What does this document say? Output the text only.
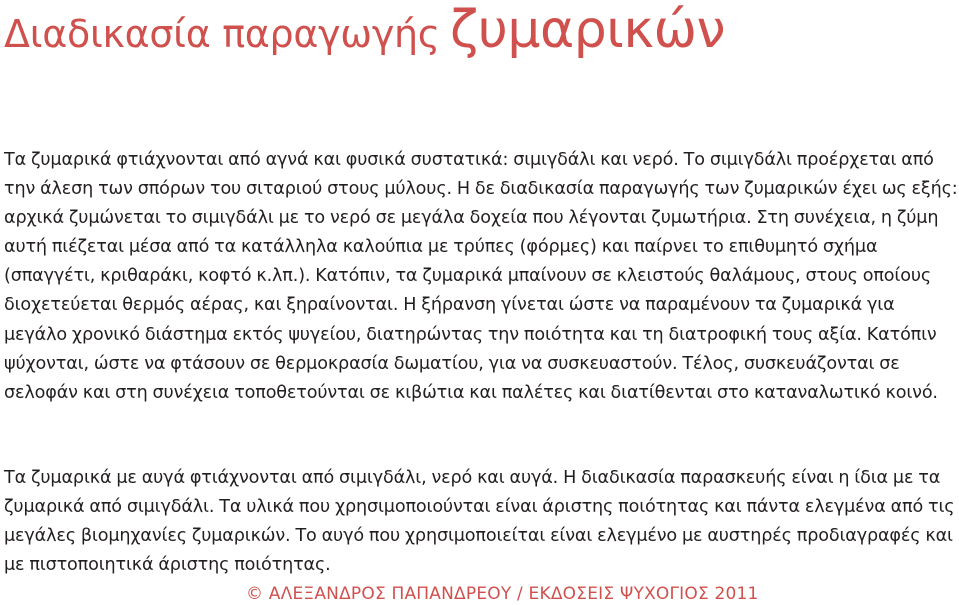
Διαδικασία παραγωγής ζυμαρικών

Τα ζυμαρικά φτιάχνονται από αγνά και φυσικά συστατικά: σιμιγδάλι και νερό. Το σιμιγδάλι προέρχεται από την άλεση των σπόρων του σιταριού στους μύλους. Η δε διαδικασία παραγωγής των ζυμαρικών έχει ως εξής: αρχικά ζυμώνεται το σιμιγδάλι με το νερό σε μεγάλα δοχεία που λέγονται ζυμωτήρια. Στη συνέχεια, η ζύμη αυτή πιέζεται μέσα από τα κατάλληλα καλούπια με τρύπες (φόρμες) και παίρνει το επιθυμητό σχήμα (σπαγγέτι, κριθαράκι, κοφτό κ.λπ.). Κατόπιν, τα ζυμαρικά μπαίνουν σε κλειστούς θαλάμους, στους οποίους διοχετεύεται θερμός αέρας, και ξηραίνονται. Η ξήρανση γίνεται ώστε να παραμένουν τα ζυμαρικά για μεγάλο χρονικό διάστημα εκτός ψυγείου, διατηρώντας την ποιότητα και τη διατροφική τους αξία. Κατόπιν ψύχονται, ώστε να φτάσουν σε θερμοκρασία δωματίου, για να συσκευαστούν. Τέλος, συσκευάζονται σε σελοφάν και στη συνέχεια τοποθετούνται σε κιβώτια και παλέτες και διατίθενται στο καταναλωτικό κοινό.

Τα ζυμαρικά με αυγά φτιάχνονται από σιμιγδάλι, νερό και αυγά. Η διαδικασία παρασκευής είναι η ίδια με τα ζυμαρικά από σιμιγδάλι. Τα υλικά που χρησιμοποιούνται είναι άριστης ποιότητας και πάντα ελεγμένα από τις μεγάλες βιομηχανίες ζυμαρικών. Το αυγό που χρησιμοποιείται είναι ελεγμένο με αυστηρές προδιαγραφές και με πιστοποιητικά άριστης ποιότητας.

© ΑΛΕΞΑΝΔΡΟΣ ΠΑΠΑΝΔΡΕΟΥ / ΕΚΔΟΣΕΙΣ ΨΥΧΟΓΙΟΣ 2011
